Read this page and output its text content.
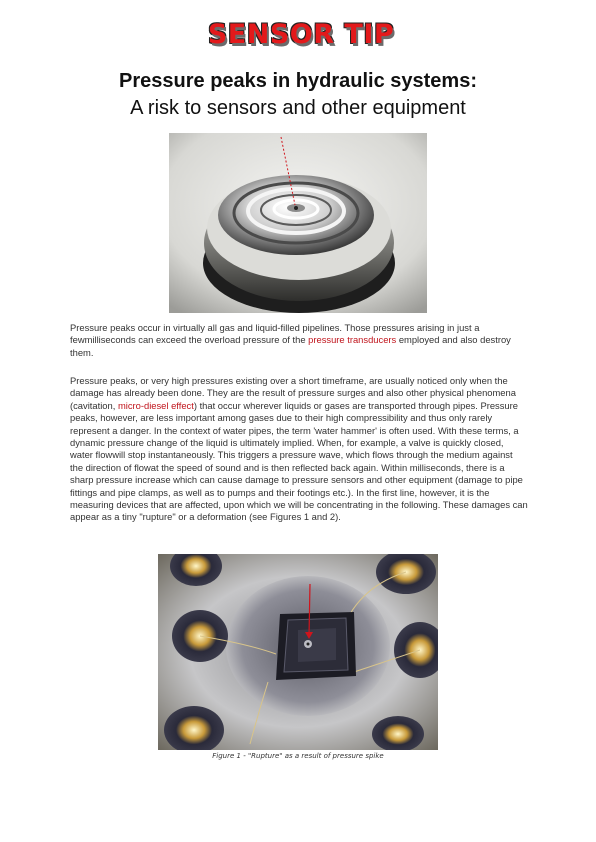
SENSOR TIP
Pressure peaks in hydraulic systems:
A risk to sensors and other equipment

Pressure peaks occur in virtually all gas and liquid-filled pipelines. Those pressures arising in just a fewmilliseconds can exceed the overload pressure of the pressure transducers employed and also destroy them.

Pressure peaks, or very high pressures existing over a short timeframe, are usually noticed only when the damage has already been done. They are the result of pressure surges and also other physical phenomena (cavitation, micro-diesel effect) that occur wherever liquids or gases are transported through pipes. Pressure peaks, however, are less important among gases due to their high compressibility and thus only rarely represent a danger. In the context of water pipes, the term 'water hammer' is often used. With these terms, a dynamic pressure change of the liquid is ultimately implied. When, for example, a valve is quickly closed, water flowwill stop instantaneously. This triggers a pressure wave, which flows through the medium against the direction of flowat the speed of sound and is then reflected back again. Within milliseconds, there is a sharp pressure increase which can cause damage to pressure sensors and other equipment (damage to pipe fittings and pipe clamps, as well as to pumps and their footings etc.). In the first line, however, it is the measuring devices that are affected, upon which we will be concentrating in the following. These damages can appear as a tiny "rupture" or a deformation (see Figures 1 and 2).

Figure 1 - "Rupture" as a result of pressure spike
